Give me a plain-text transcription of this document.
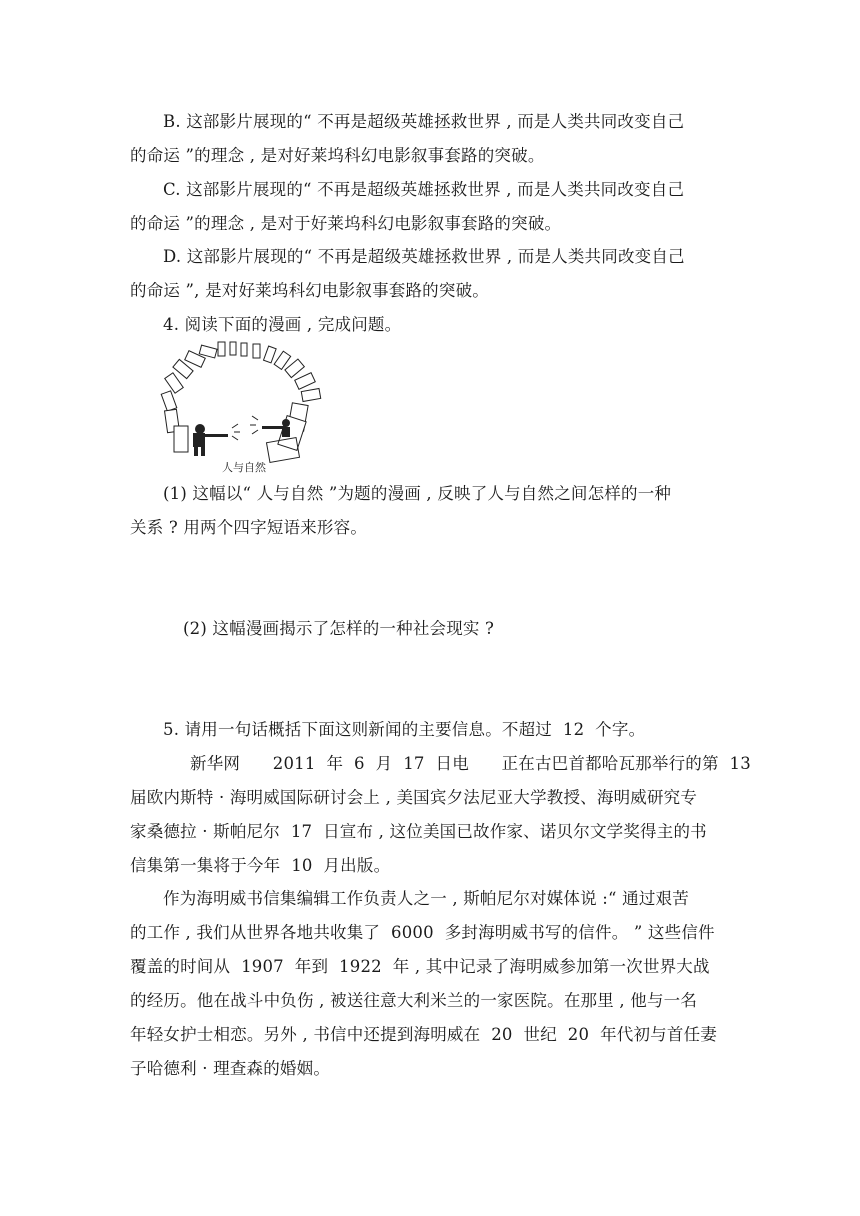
B. 这部影片展现的“ 不再是超级英雄拯救世界 , 而是人类共同改变自己
的命运 ”的理念 , 是对好莱坞科幻电影叙事套路的突破。
C. 这部影片展现的“ 不再是超级英雄拯救世界 , 而是人类共同改变自己
的命运 ”的理念 , 是对于好莱坞科幻电影叙事套路的突破。
D. 这部影片展现的“ 不再是超级英雄拯救世界 , 而是人类共同改变自己
的命运 ”, 是对好莱坞科幻电影叙事套路的突破。
4. 阅读下面的漫画 , 完成问题。
人与自然
(1) 这幅以“ 人与自然 ”为题的漫画 , 反映了人与自然之间怎样的一种
关系 ? 用两个四字短语来形容。
(2) 这幅漫画揭示了怎样的一种社会现实 ?
5. 请用一句话概括下面这则新闻的主要信息。不超过  12  个字。
新华网      2011  年  6  月  17  日电      正在古巴首都哈瓦那举行的第  13
届欧内斯特 · 海明威国际研讨会上 , 美国宾夕法尼亚大学教授、海明威研究专
家桑德拉 · 斯帕尼尔  17  日宣布 , 这位美国已故作家、诺贝尔文学奖得主的书
信集第一集将于今年  10  月出版。
作为海明威书信集编辑工作负责人之一 , 斯帕尼尔对媒体说 :“ 通过艰苦
的工作 , 我们从世界各地共收集了  6000  多封海明威书写的信件。 ” 这些信件
覆盖的时间从  1907  年到  1922  年 , 其中记录了海明威参加第一次世界大战
的经历。他在战斗中负伤 , 被送往意大利米兰的一家医院。在那里 , 他与一名
年轻女护士相恋。另外 , 书信中还提到海明威在  20  世纪  20  年代初与首任妻
子哈德利 · 理查森的婚姻。
